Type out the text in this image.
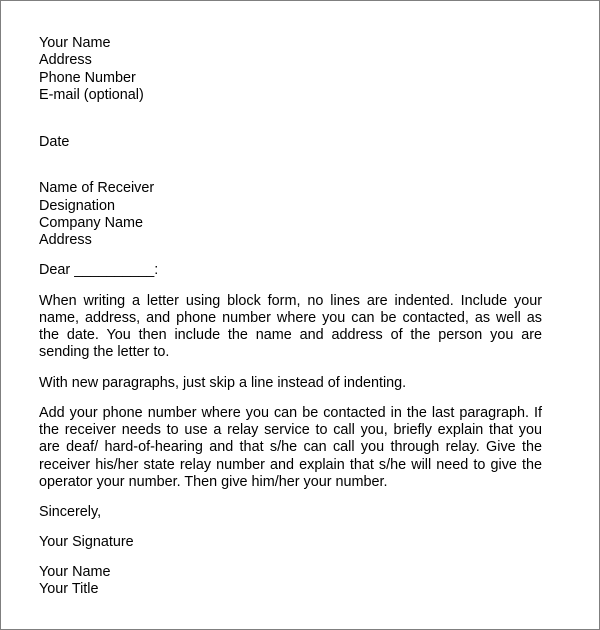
Your Name
Address
Phone Number
E-mail (optional)
Date
Name of Receiver
Designation
Company Name
Address
Dear __________:

When writing a letter using block form, no lines are indented. Include your name, address, and phone number where you can be contacted, as well as the date. You then include the name and address of the person you are sending the letter to.

With new paragraphs, just skip a line instead of indenting.

Add your phone number where you can be contacted in the last paragraph. If the receiver needs to use a relay service to call you, briefly explain that you are deaf/ hard-of-hearing and that s/he can call you through relay. Give the receiver his/her state relay number and explain that s/he will need to give the operator your number. Then give him/her your number.

Sincerely,
Your Signature
Your Name
Your Title
